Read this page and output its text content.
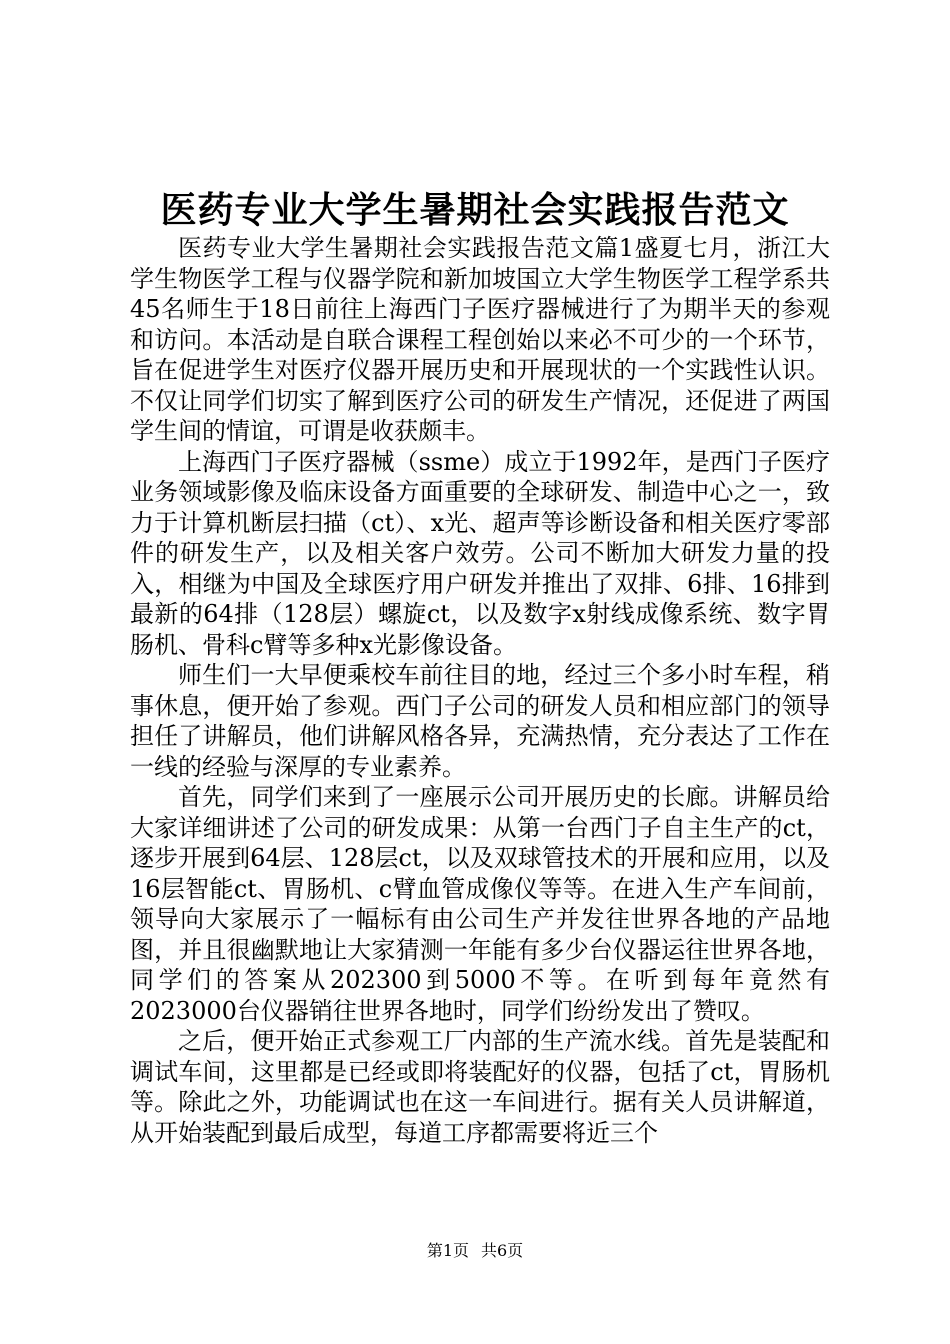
医药专业大学生暑期社会实践报告范文

医药专业大学生暑期社会实践报告范文篇1盛夏七月，浙江大学生物医学工程与仪器学院和新加坡国立大学生物医学工程学系共45名师生于18日前往上海西门子医疗器械进行了为期半天的参观和访问。本活动是自联合课程工程创始以来必不可少的一个环节，旨在促进学生对医疗仪器开展历史和开展现状的一个实践性认识。不仅让同学们切实了解到医疗公司的研发生产情况，还促进了两国学生间的情谊，可谓是收获颇丰。

上海西门子医疗器械（ssme）成立于1992年，是西门子医疗业务领域影像及临床设备方面重要的全球研发、制造中心之一，致力于计算机断层扫描（ct）、x光、超声等诊断设备和相关医疗零部件的研发生产，以及相关客户效劳。公司不断加大研发力量的投入，相继为中国及全球医疗用户研发并推出了双排、6排、16排到最新的64排（128层）螺旋ct，以及数字x射线成像系统、数字胃肠机、骨科c臂等多种x光影像设备。

师生们一大早便乘校车前往目的地，经过三个多小时车程，稍事休息，便开始了参观。西门子公司的研发人员和相应部门的领导担任了讲解员，他们讲解风格各异，充满热情，充分表达了工作在一线的经验与深厚的专业素养。

首先，同学们来到了一座展示公司开展历史的长廊。讲解员给大家详细讲述了公司的研发成果：从第一台西门子自主生产的ct，逐步开展到64层、128层ct，以及双球管技术的开展和应用，以及16层智能ct、胃肠机、c臂血管成像仪等等。在进入生产车间前，领导向大家展示了一幅标有由公司生产并发往世界各地的产品地图，并且很幽默地让大家猜测一年能有多少台仪器运往世界各地，同学们的答案从202300到5000不等。在听到每年竟然有2023000台仪器销往世界各地时，同学们纷纷发出了赞叹。

之后，便开始正式参观工厂内部的生产流水线。首先是装配和调试车间，这里都是已经或即将装配好的仪器，包括了ct，胃肠机等。除此之外，功能调试也在这一车间进行。据有关人员讲解道，从开始装配到最后成型，每道工序都需要将近三个

第1页 共6页
